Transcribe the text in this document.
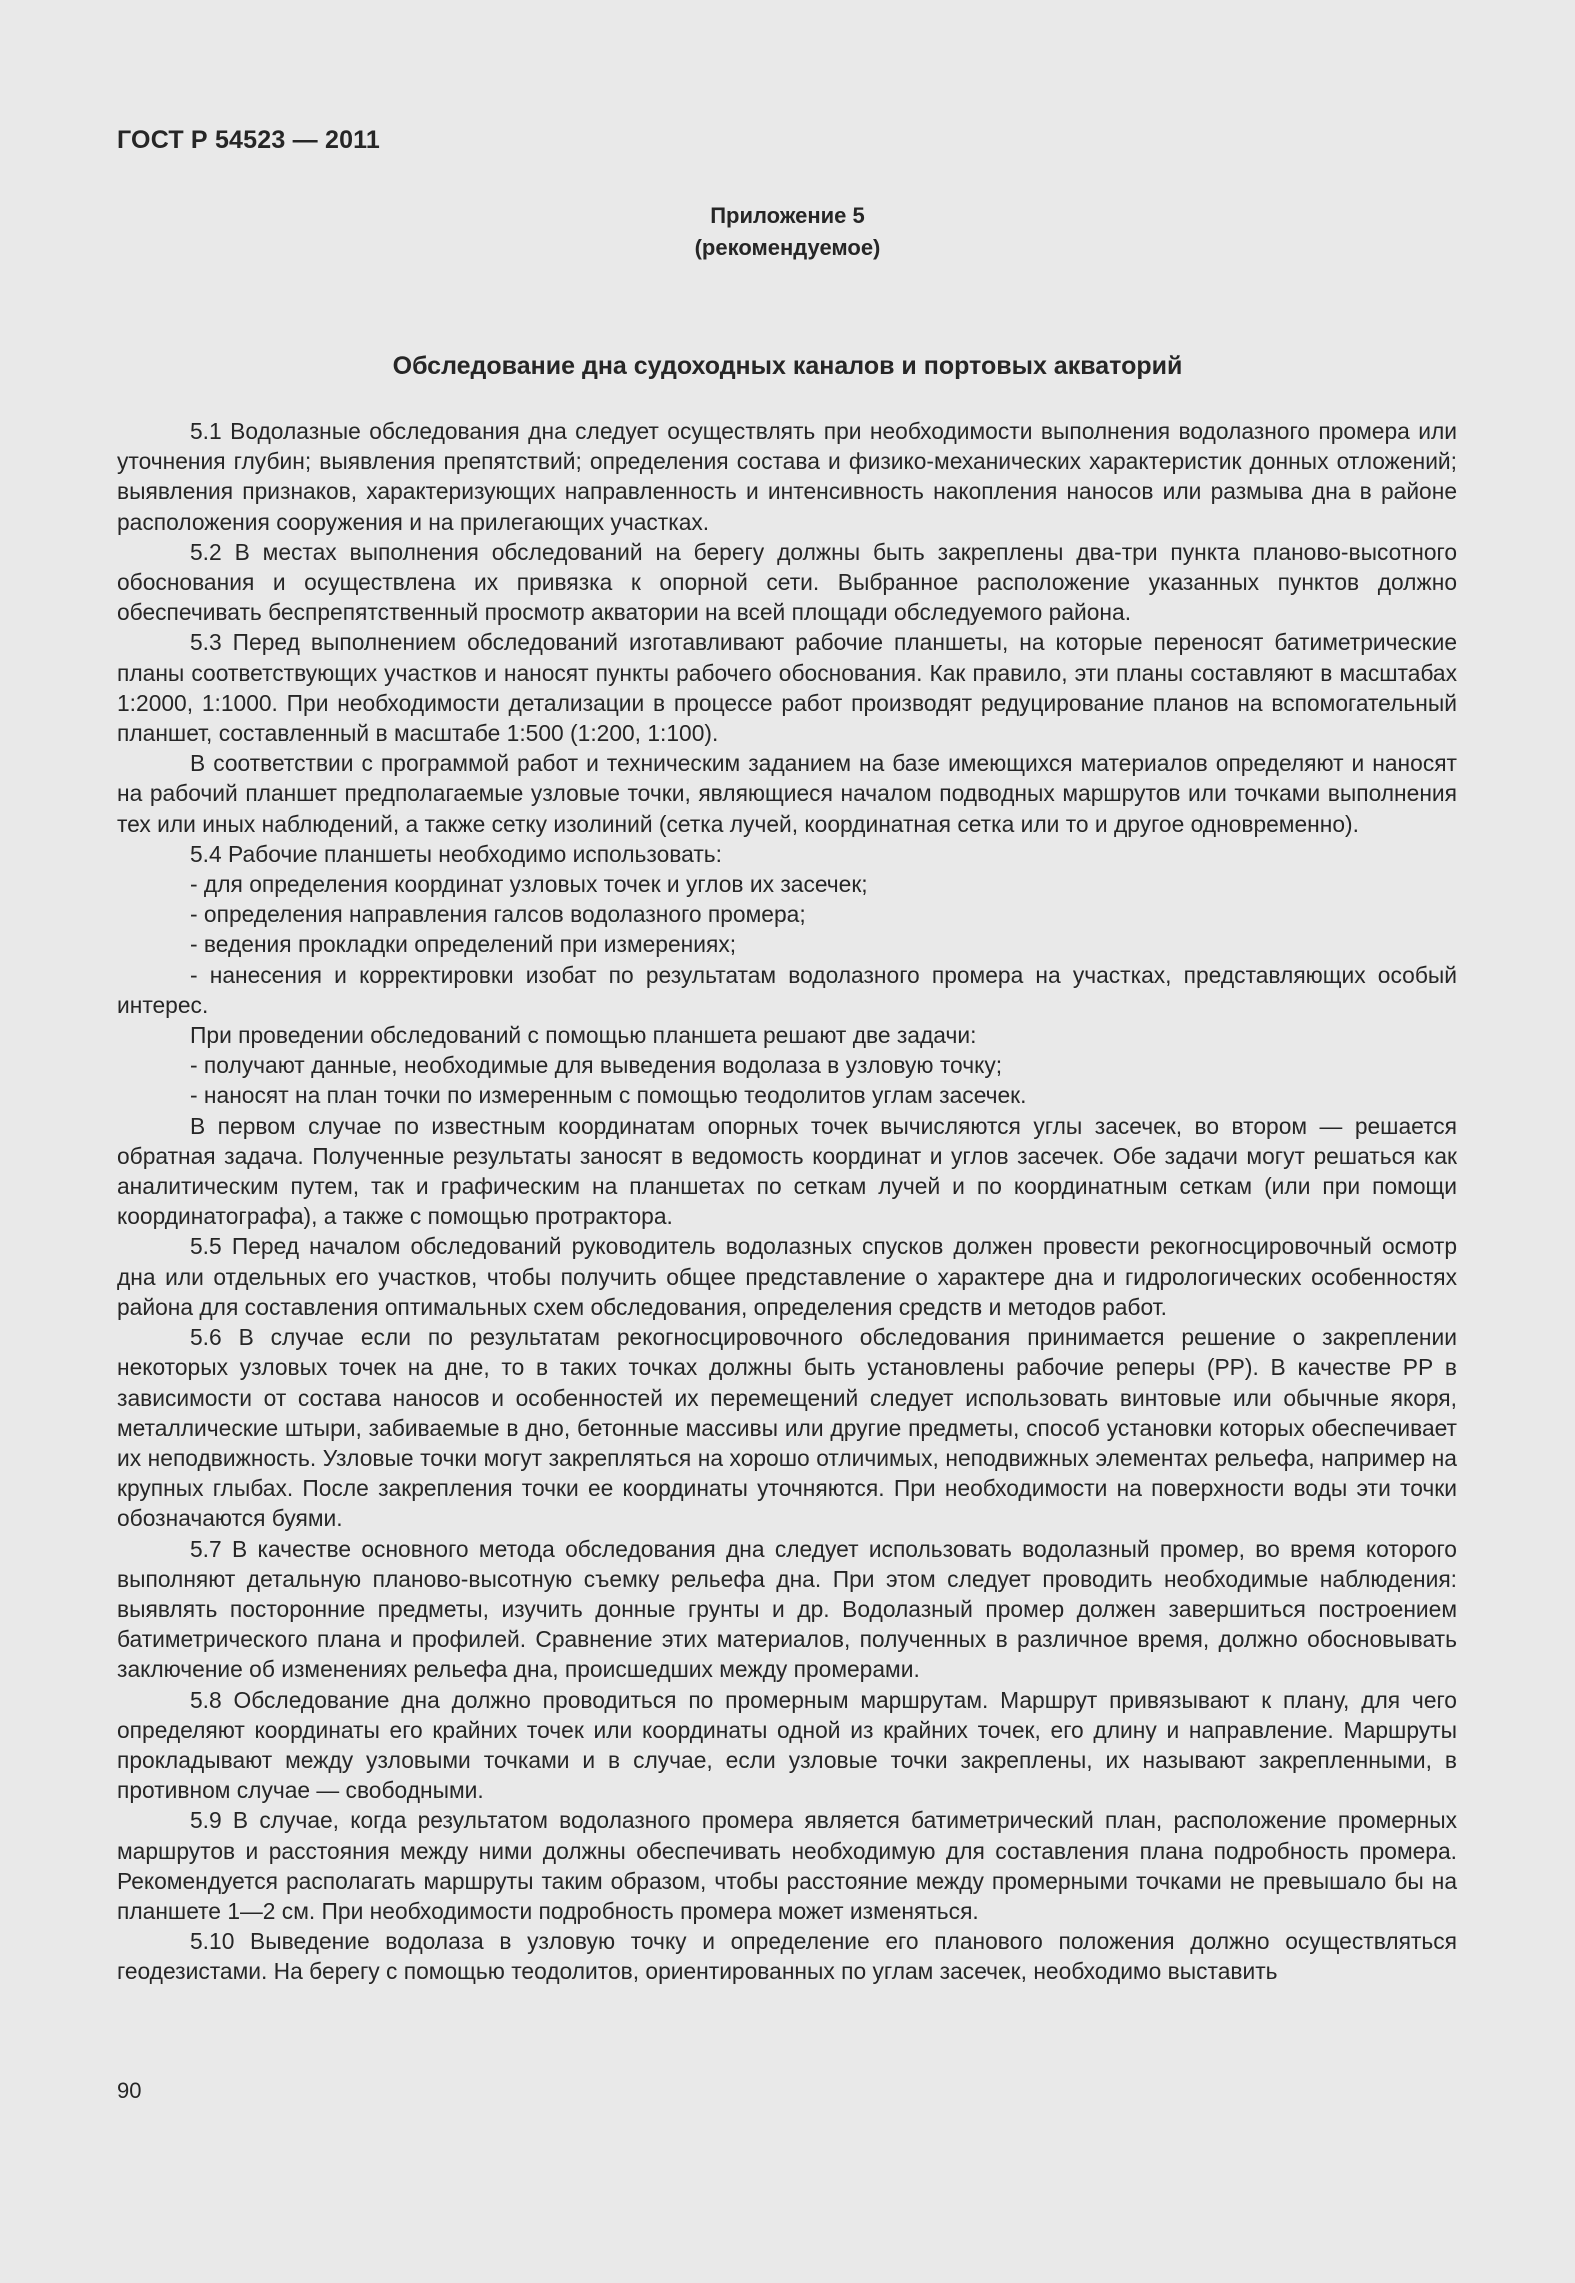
ГОСТ Р 54523 — 2011
Приложение 5
(рекомендуемое)
Обследование дна судоходных каналов и портовых акваторий

5.1 Водолазные обследования дна следует осуществлять при необходимости выполнения водолазного промера или уточнения глубин; выявления препятствий; определения состава и физико-механических характеристик донных отложений; выявления признаков, характеризующих направленность и интенсивность накопления наносов или размыва дна в районе расположения сооружения и на прилегающих участках.

5.2 В местах выполнения обследований на берегу должны быть закреплены два-три пункта планово-высотного обоснования и осуществлена их привязка к опорной сети. Выбранное расположение указанных пунктов должно обеспечивать беспрепятственный просмотр акватории на всей площади обследуемого района.

5.3 Перед выполнением обследований изготавливают рабочие планшеты, на которые переносят батиметрические планы соответствующих участков и наносят пункты рабочего обоснования. Как правило, эти планы составляют в масштабах 1:2000, 1:1000. При необходимости детализации в процессе работ производят редуцирование планов на вспомогательный планшет, составленный в масштабе 1:500 (1:200, 1:100).

В соответствии с программой работ и техническим заданием на базе имеющихся материалов определяют и наносят на рабочий планшет предполагаемые узловые точки, являющиеся началом подводных маршрутов или точками выполнения тех или иных наблюдений, а также сетку изолиний (сетка лучей, координатная сетка или то и другое одновременно).

5.4 Рабочие планшеты необходимо использовать:

- для определения координат узловых точек и углов их засечек;

- определения направления галсов водолазного промера;

- ведения прокладки определений при измерениях;

- нанесения и корректировки изобат по результатам водолазного промера на участках, представляющих особый интерес.

При проведении обследований с помощью планшета решают две задачи:

- получают данные, необходимые для выведения водолаза в узловую точку;

- наносят на план точки по измеренным с помощью теодолитов углам засечек.

В первом случае по известным координатам опорных точек вычисляются углы засечек, во втором — решается обратная задача. Полученные результаты заносят в ведомость координат и углов засечек. Обе задачи могут решаться как аналитическим путем, так и графическим на планшетах по сеткам лучей и по координатным сеткам (или при помощи координатографа), а также с помощью протрактора.

5.5 Перед началом обследований руководитель водолазных спусков должен провести рекогносцировочный осмотр дна или отдельных его участков, чтобы получить общее представление о характере дна и гидрологических особенностях района для составления оптимальных схем обследования, определения средств и методов работ.

5.6 В случае если по результатам рекогносцировочного обследования принимается решение о закреплении некоторых узловых точек на дне, то в таких точках должны быть установлены рабочие реперы (РР). В качестве РР в зависимости от состава наносов и особенностей их перемещений следует использовать винтовые или обычные якоря, металлические штыри, забиваемые в дно, бетонные массивы или другие предметы, способ установки которых обеспечивает их неподвижность. Узловые точки могут закрепляться на хорошо отличимых, неподвижных элементах рельефа, например на крупных глыбах. После закрепления точки ее координаты уточняются. При необходимости на поверхности воды эти точки обозначаются буями.

5.7 В качестве основного метода обследования дна следует использовать водолазный промер, во время которого выполняют детальную планово-высотную съемку рельефа дна. При этом следует проводить необходимые наблюдения: выявлять посторонние предметы, изучить донные грунты и др. Водолазный промер должен завершиться построением батиметрического плана и профилей. Сравнение этих материалов, полученных в различное время, должно обосновывать заключение об изменениях рельефа дна, происшедших между промерами.

5.8 Обследование дна должно проводиться по промерным маршрутам. Маршрут привязывают к плану, для чего определяют координаты его крайних точек или координаты одной из крайних точек, его длину и направление. Маршруты прокладывают между узловыми точками и в случае, если узловые точки закреплены, их называют закрепленными, в противном случае — свободными.

5.9 В случае, когда результатом водолазного промера является батиметрический план, расположение промерных маршрутов и расстояния между ними должны обеспечивать необходимую для составления плана подробность промера. Рекомендуется располагать маршруты таким образом, чтобы расстояние между промерными точками не превышало бы на планшете 1—2 см. При необходимости подробность промера может изменяться.

5.10 Выведение водолаза в узловую точку и определение его планового положения должно осуществляться геодезистами. На берегу с помощью теодолитов, ориентированных по углам засечек, необходимо выставить

90
